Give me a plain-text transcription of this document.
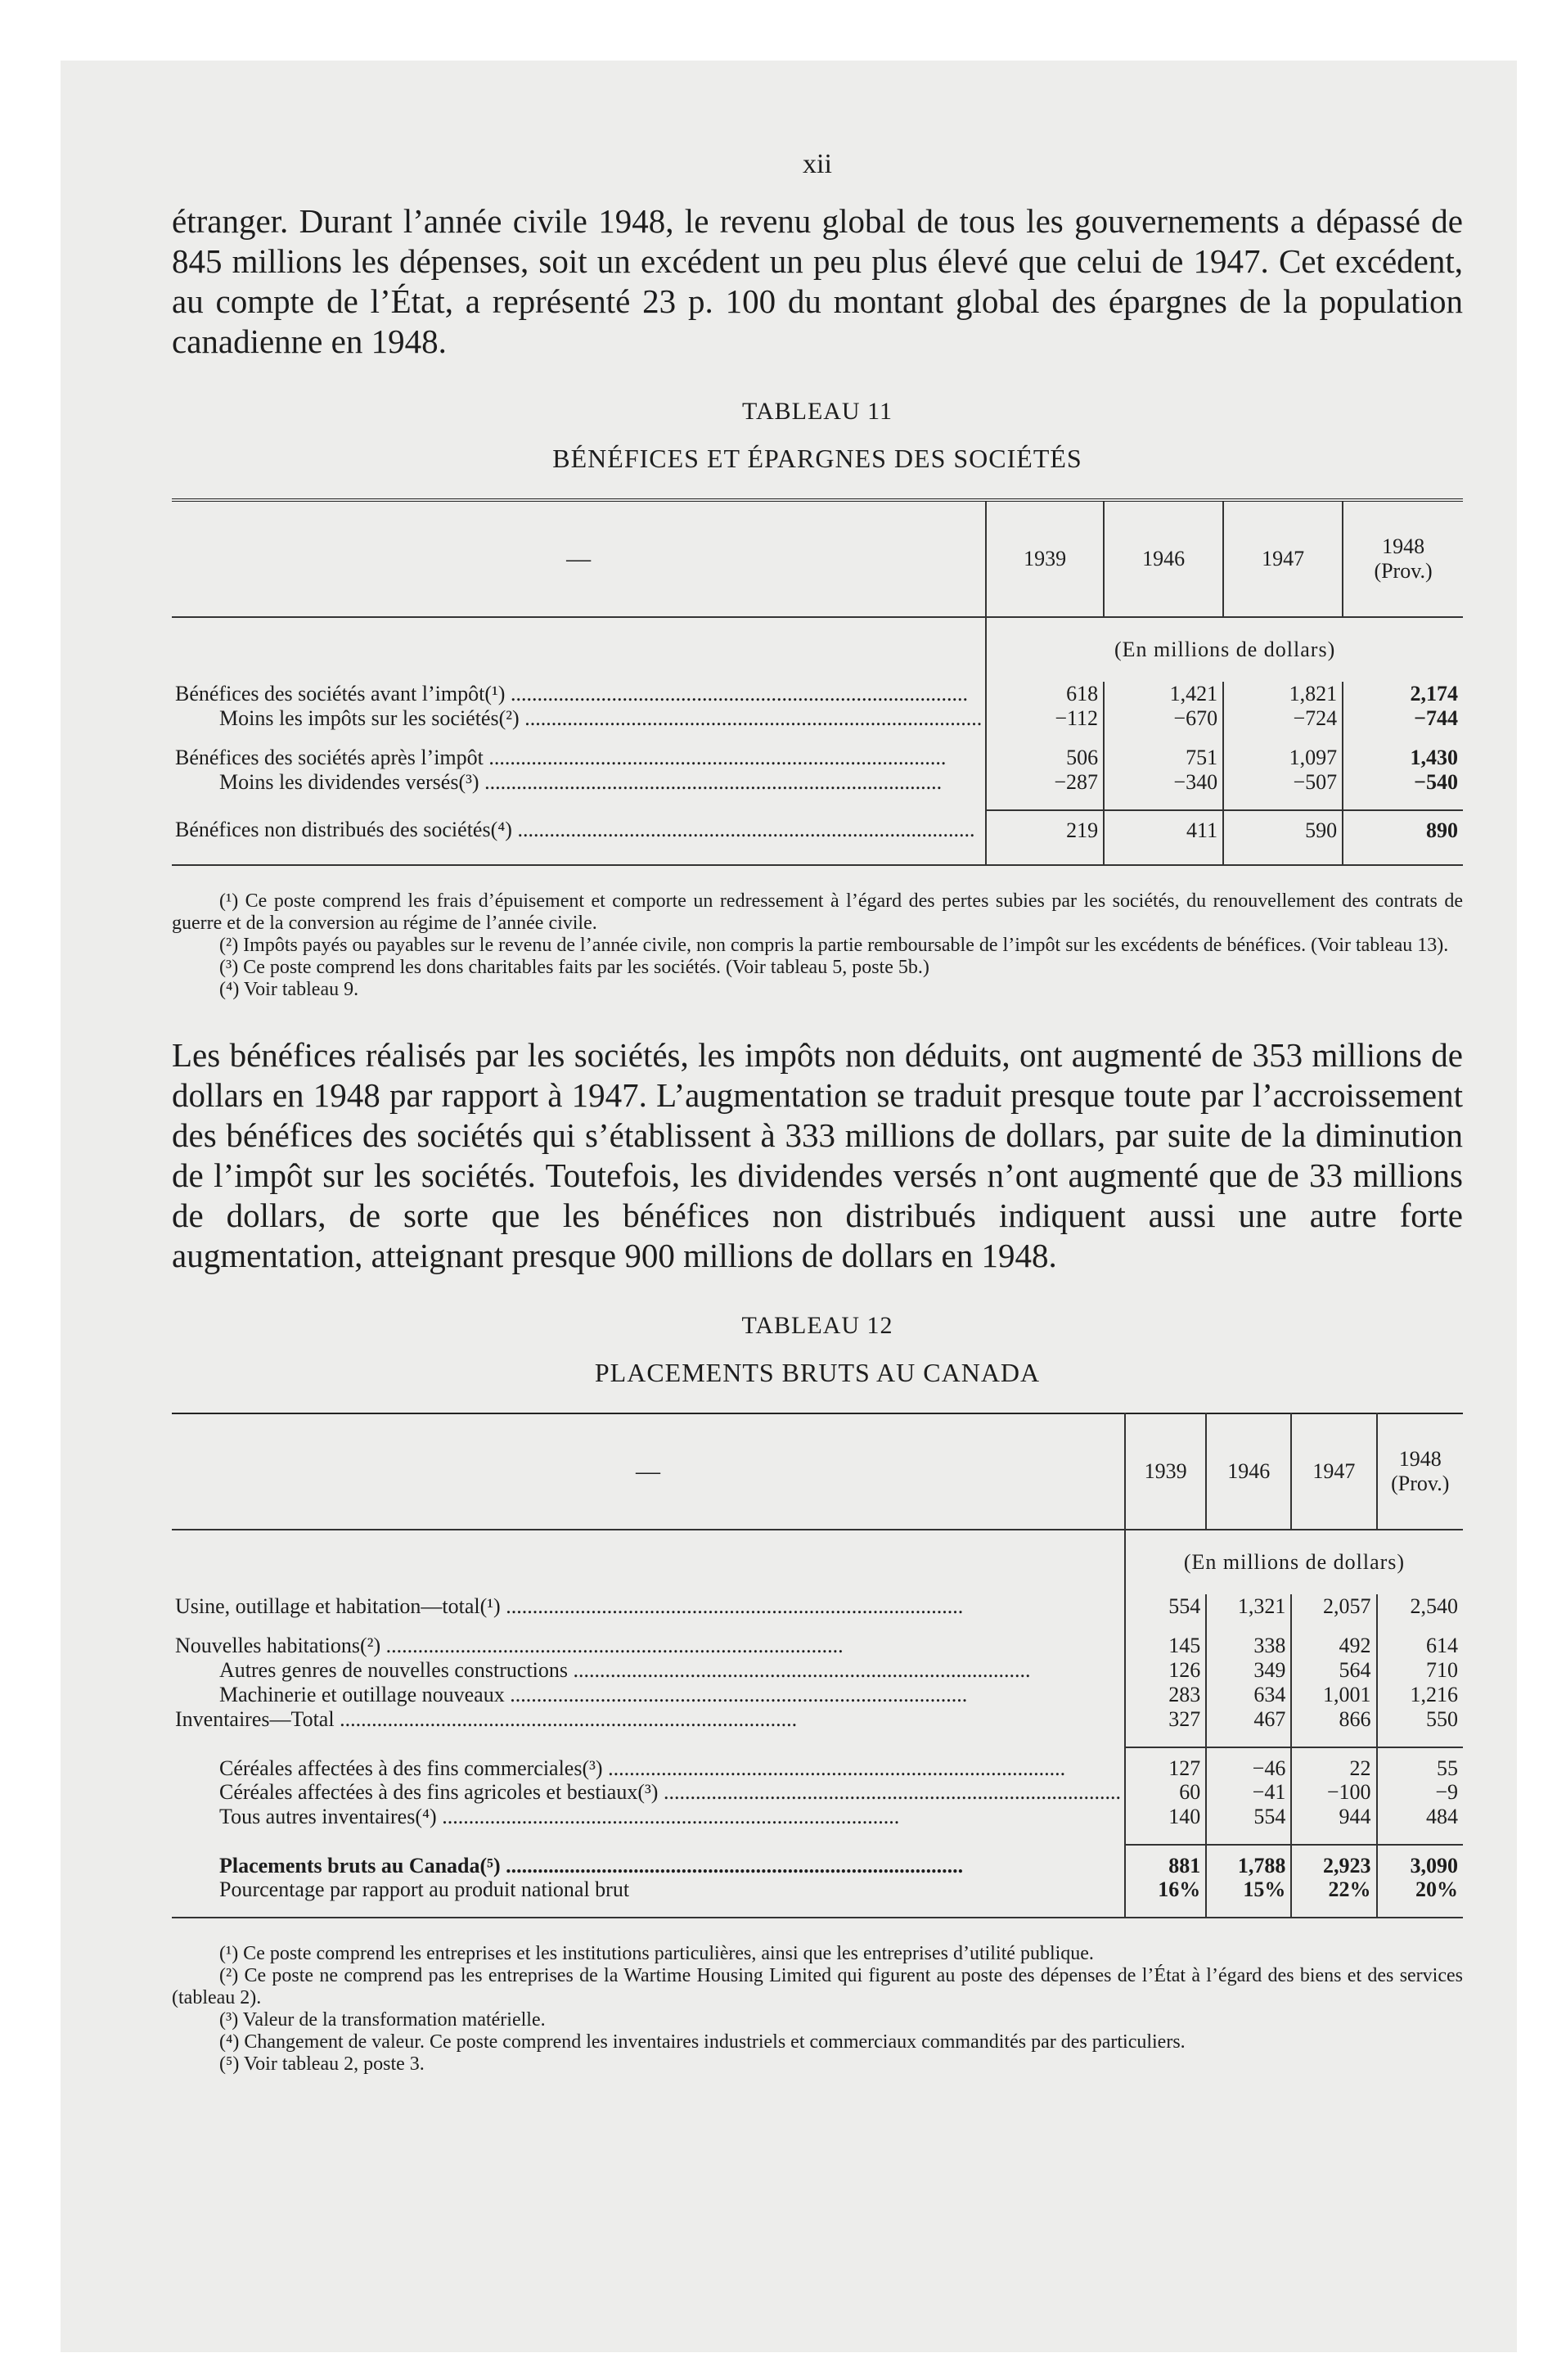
xii

étranger. Durant l’année civile 1948, le revenu global de tous les gouvernements a dépassé de 845 millions les dépenses, soit un excédent un peu plus élevé que celui de 1947. Cet excédent, au compte de l’État, a représenté 23 p. 100 du montant global des épargnes de la population canadienne en 1948.

TABLEAU 11
BÉNÉFICES ET ÉPARGNES DES SOCIÉTÉS
—	1939	1946	1947	1948
(Prov.)
	(En millions de dollars)			
Bénéfices des sociétés avant l’impôt(¹) .....	618	1,421	1,821	2,174
Moins les impôts sur les sociétés(²) .....	−112	−670	−724	−744

Bénéfices des sociétés après l’impôt .....	506	751	1,097	1,430
Moins les dividendes versés(³) .....	−287	−340	−507	−540

Bénéfices non distribués des sociétés(⁴) .....	219	411	590	890

(¹) Ce poste comprend les frais d’épuisement et comporte un redressement à l’égard des pertes subies par les sociétés, du renouvellement des contrats de guerre et de la conversion au régime de l’année civile.

(²) Impôts payés ou payables sur le revenu de l’année civile, non compris la partie remboursable de l’impôt sur les excédents de bénéfices. (Voir tableau 13).

(³) Ce poste comprend les dons charitables faits par les sociétés. (Voir tableau 5, poste 5b.)

(⁴) Voir tableau 9.

Les bénéfices réalisés par les sociétés, les impôts non déduits, ont augmenté de 353 millions de dollars en 1948 par rapport à 1947. L’augmentation se traduit presque toute par l’accroissement des bénéfices des sociétés qui s’établissent à 333 millions de dollars, par suite de la diminution de l’impôt sur les sociétés. Toutefois, les dividendes versés n’ont augmenté que de 33 millions de dollars, de sorte que les bénéfices non distribués indiquent aussi une autre forte augmentation, atteignant presque 900 millions de dollars en 1948.

TABLEAU 12
PLACEMENTS BRUTS AU CANADA
—	1939	1946	1947	1948
(Prov.)
	(En millions de dollars)			
Usine, outillage et habitation—total(¹) .....	554	1,321	2,057	2,540

Nouvelles habitations(²) .....	145	338	492	614
Autres genres de nouvelles constructions .....	126	349	564	710
Machinerie et outillage nouveaux .....	283	634	1,001	1,216
Inventaires—Total .....	327	467	866	550

Céréales affectées à des fins commerciales(³) .....	127	−46	22	55
Céréales affectées à des fins agricoles et bestiaux(³) .....	60	−41	−100	−9
Tous autres inventaires(⁴) .....	140	554	944	484

Placements bruts au Canada(⁵) .....	881	1,788	2,923	3,090
Pourcentage par rapport au produit national brut	16%	15%	22%	20%

(¹) Ce poste comprend les entreprises et les institutions particulières, ainsi que les entreprises d’utilité publique.

(²) Ce poste ne comprend pas les entreprises de la Wartime Housing Limited qui figurent au poste des dépenses de l’État à l’égard des biens et des services (tableau 2).

(³) Valeur de la transformation matérielle.

(⁴) Changement de valeur. Ce poste comprend les inventaires industriels et commerciaux commandités par des particuliers.

(⁵) Voir tableau 2, poste 3.
